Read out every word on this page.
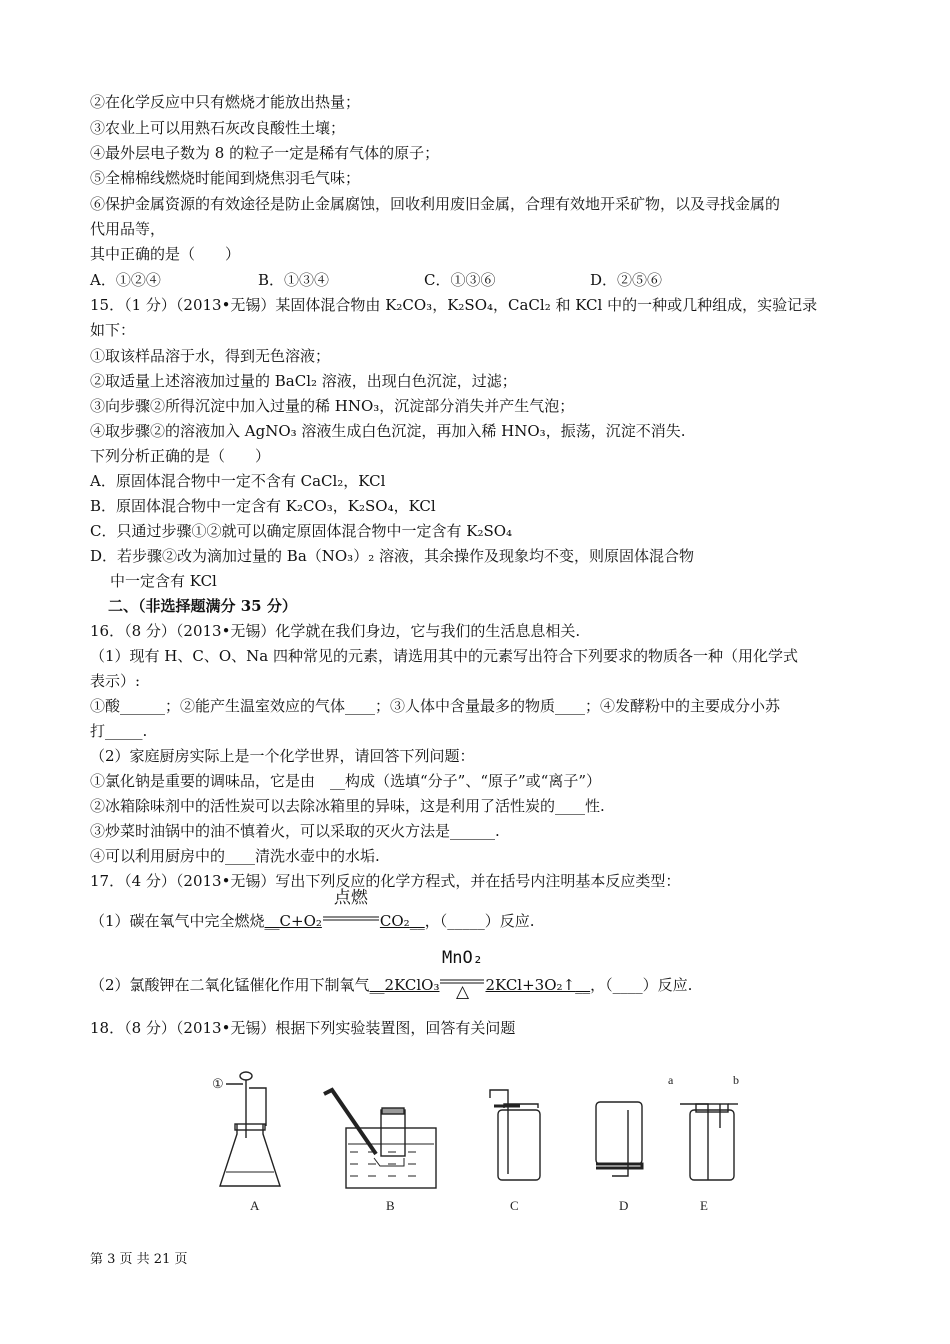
②在化学反应中只有燃烧才能放出热量；
③农业上可以用熟石灰改良酸性土壤；
④最外层电子数为 8 的粒子一定是稀有气体的原子；
⑤全棉棉线燃烧时能闻到烧焦羽毛气味；
⑥保护金属资源的有效途径是防止金属腐蚀，回收利用废旧金属，合理有效地开采矿物，以及寻找金属的
代用品等，
其中正确的是（　　）
A．①②④	B．①③④	C．①③⑥	D．②⑤⑥
15．（1 分）（2013•无锡）某固体混合物由 K₂CO₃，K₂SO₄，CaCl₂ 和 KCl 中的一种或几种组成，实验记录
如下：
①取该样品溶于水，得到无色溶液；
②取适量上述溶液加过量的 BaCl₂ 溶液，出现白色沉淀，过滤；
③向步骤②所得沉淀中加入过量的稀 HNO₃，沉淀部分消失并产生气泡；
④取步骤②的溶液加入 AgNO₃ 溶液生成白色沉淀，再加入稀 HNO₃，振荡，沉淀不消失.
下列分析正确的是（　　）
A．原固体混合物中一定不含有 CaCl₂，KCl
B．原固体混合物中一定含有 K₂CO₃，K₂SO₄，KCl
C．只通过步骤①②就可以确定原固体混合物中一定含有 K₂SO₄
D．若步骤②改为滴加过量的 Ba（NO₃）₂ 溶液，其余操作及现象均不变，则原固体混合物
中一定含有 KCl
二、（非选择题满分 35 分）
16．（8 分）（2013•无锡）化学就在我们身边，它与我们的生活息息相关.
（1）现有 H、C、O、Na 四种常见的元素，请选用其中的元素写出符合下列要求的物质各一种（用化学式
表示）:
①酸______；②能产生温室效应的气体____；③人体中含量最多的物质____；④发酵粉中的主要成分小苏
打_____.
（2）家庭厨房实际上是一个化学世界，请回答下列问题：
①氯化钠是重要的调味品，它是由　__构成（选填“分子”、“原子”或“离子”）
②冰箱除味剂中的活性炭可以去除冰箱里的异味，这是利用了活性炭的____性.
③炒菜时油锅中的油不慎着火，可以采取的灭火方法是______.
④可以利用厨房中的____清洗水壶中的水垢.
17．（4 分）（2013•无锡）写出下列反应的化学方程式，并在括号内注明基本反应类型：
（1）碳在氧气中完全燃烧__C+O₂
点燃
CO₂__，（_____）反应.
（2）氯酸钾在二氧化锰催化作用下制氧气__2KClO₃
MnO₂
△	2KCl+3O₂↑__，（____）反应.
18．（8 分）（2013•无锡）根据下列实验装置图，回答有关问题
①	a	b
A	B	C	D	E
第 3 页 共 21 页
